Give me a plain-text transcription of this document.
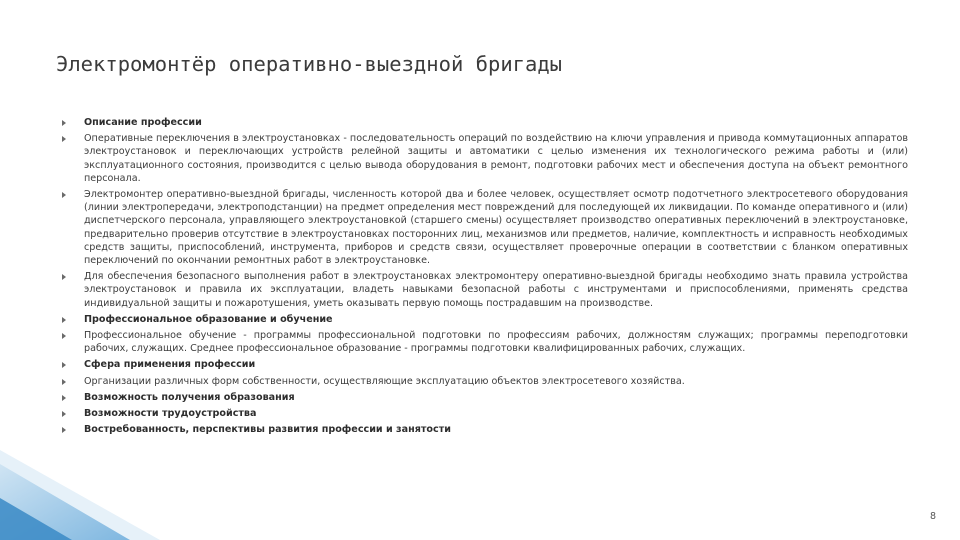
Электромонтёр оперативно-выездной бригады
Описание профессии
Оперативные переключения в электроустановках - последовательность операций по воздействию на ключи управления и привода коммутационных аппаратов электроустановок и переключающих устройств релейной защиты и автоматики с целью изменения их технологического режима работы и (или) эксплуатационного состояния, производится с целью вывода оборудования в ремонт, подготовки рабочих мест и обеспечения доступа на объект ремонтного персонала.
Электромонтер оперативно-выездной бригады, численность которой два и более человек, осуществляет осмотр подотчетного электросетевого оборудования (линии электропередачи, электроподстанции) на предмет определения мест повреждений для последующей их ликвидации. По команде оперативного и (или) диспетчерского персонала, управляющего электроустановкой (старшего смены) осуществляет производство оперативных переключений в электроустановке, предварительно проверив отсутствие в электроустановках посторонних лиц, механизмов или предметов, наличие, комплектность и исправность необходимых средств защиты, приспособлений, инструмента, приборов и средств связи, осуществляет проверочные операции в соответствии с бланком оперативных переключений по окончании ремонтных работ в электроустановке.
Для обеспечения безопасного выполнения работ в электроустановках электромонтеру оперативно-выездной бригады необходимо знать правила устройства электроустановок и правила их эксплуатации, владеть навыками безопасной работы с инструментами и приспособлениями, применять средства индивидуальной защиты и пожаротушения, уметь оказывать первую помощь пострадавшим на производстве.
Профессиональное образование и обучение
Профессиональное обучение - программы профессиональной подготовки по профессиям рабочих, должностям служащих; программы переподготовки рабочих, служащих. Среднее профессиональное образование - программы подготовки квалифицированных рабочих, служащих.
Сфера применения профессии
Организации различных форм собственности, осуществляющие эксплуатацию объектов электросетевого хозяйства.
Возможность получения образования
Возможности трудоустройства
Востребованность, перспективы развития профессии и занятости
8
